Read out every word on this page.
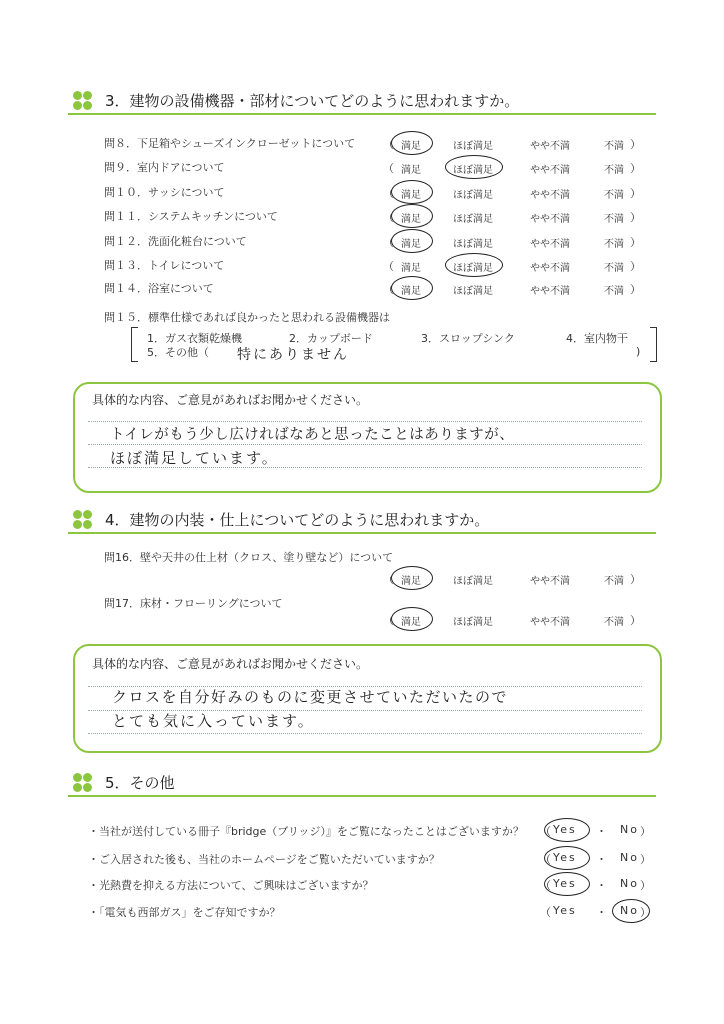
3．建物の設備機器・部材についてどのように思われますか。
問８．下足箱やシューズインクローゼットについて	（	）
満足	ほぼ満足	やや不満	不満
問９．室内ドアについて	（	）
満足	ほぼ満足	やや不満	不満
問１０．サッシについて	（	）
満足	ほぼ満足	やや不満	不満
問１１．システムキッチンについて	（	）
満足	ほぼ満足	やや不満	不満
問１２．洗面化粧台について	（	）
満足	ほぼ満足	やや不満	不満
問１３．トイレについて	（	）
満足	ほぼ満足	やや不満	不満
問１４．浴室について	（	）
満足	ほぼ満足	やや不満	不満
問１５．標準仕様であれば良かったと思われる設備機器は
1．ガス衣類乾燥機	2．カップボード	3．スロップシンク	4．室内物干
5．その他（ 特にありません	)
具体的な内容、ご意見があればお聞かせください。
トイレがもう少し広ければなあと思ったことはありますが、
ほぼ満足しています。
4．建物の内装・仕上についてどのように思われますか。
問16．壁や天井の仕上材（クロス、塗り壁など）について
（	）
満足	ほぼ満足	やや不満	不満
問17．床材・フローリングについて
（	）
満足	ほぼ満足	やや不満	不満
具体的な内容、ご意見があればお聞かせください。
クロスを自分好みのものに変更させていただいたので
とても気に入っています。
5．その他
・当社が送付している冊子『bridge（ブリッジ）』をご覧になったことはございますか？ （ Yes ・ No ）
・ご入居された後も、当社のホームページをご覧いただいていますか？	（ Yes ・ No ）
・光熱費を抑える方法について、ご興味はございますか？	（ Yes ・ No ）
・「電気も西部ガス」をご存知ですか？	（ Yes ・ No ）
